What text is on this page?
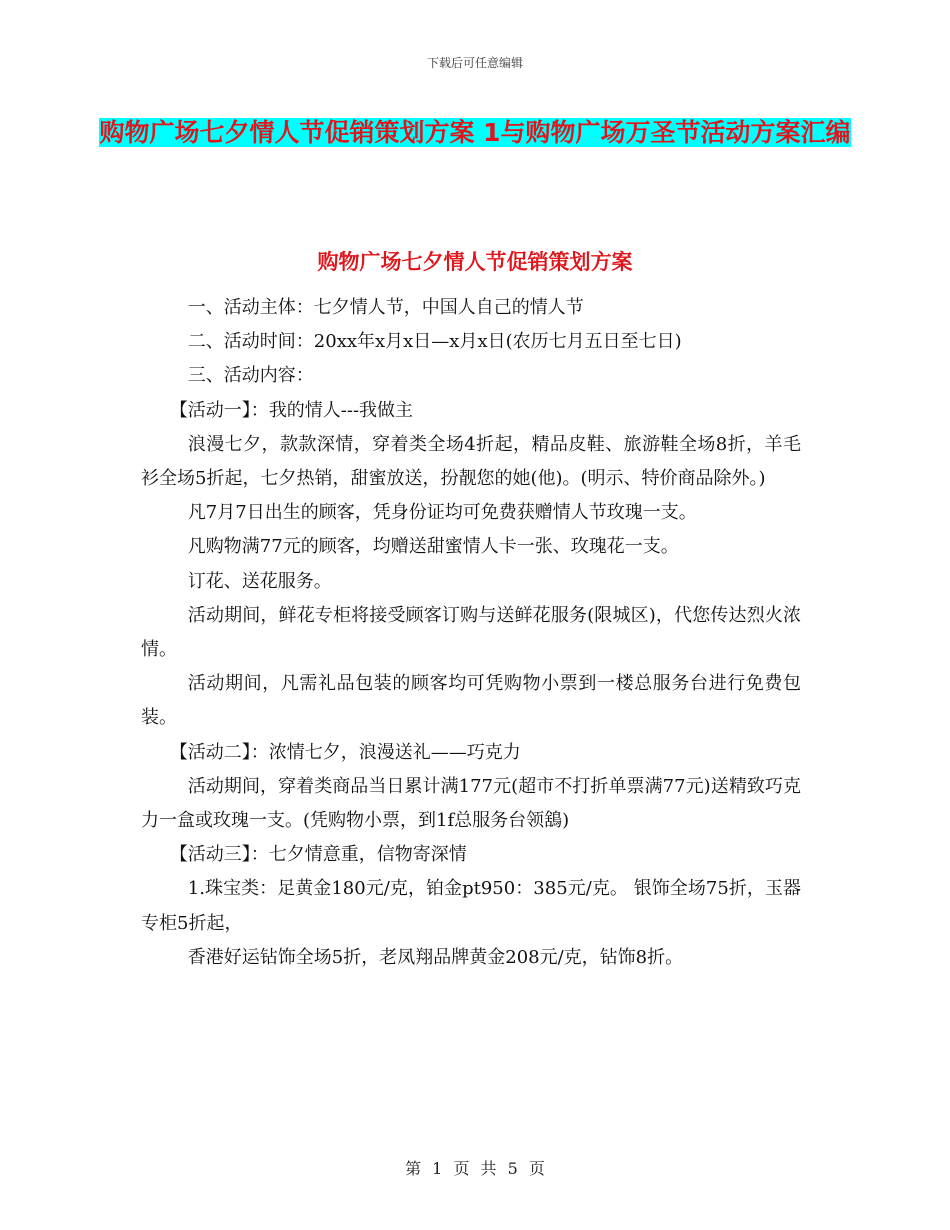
下载后可任意编辑
购物广场七夕情人节促销策划方案 1与购物广场万圣节活动方案汇编
购物广场七夕情人节促销策划方案

一、活动主体：七夕情人节，中国人自己的情人节

二、活动时间：20xx年x月x日—x月x日(农历七月五日至七日)

三、活动内容：

【活动一】：我的情人---我做主

浪漫七夕，款款深情，穿着类全场4折起，精品皮鞋、旅游鞋全场8折，羊毛衫全场5折起，七夕热销，甜蜜放送，扮靓您的她(他)。(明示、特价商品除外。)

凡7月7日出生的顾客，凭身份证均可免费获赠情人节玫瑰一支。

凡购物满77元的顾客，均赠送甜蜜情人卡一张、玫瑰花一支。

订花、送花服务。

活动期间，鲜花专柜将接受顾客订购与送鲜花服务(限城区)，代您传达烈火浓情。

活动期间，凡需礼品包装的顾客均可凭购物小票到一楼总服务台进行免费包装。

【活动二】：浓情七夕，浪漫送礼——巧克力

活动期间，穿着类商品当日累计满177元(超市不打折单票满77元)送精致巧克力一盒或玫瑰一支。(凭购物小票，到1f总服务台领鵨)

【活动三】：七夕情意重，信物寄深情

1.珠宝类：足黄金180元/克，铂金pt950：385元/克。 银饰全场75折，玉器专柜5折起，

香港好运钻饰全场5折，老凤翔品牌黄金208元/克，钻饰8折。

第 1 页 共 5 页
